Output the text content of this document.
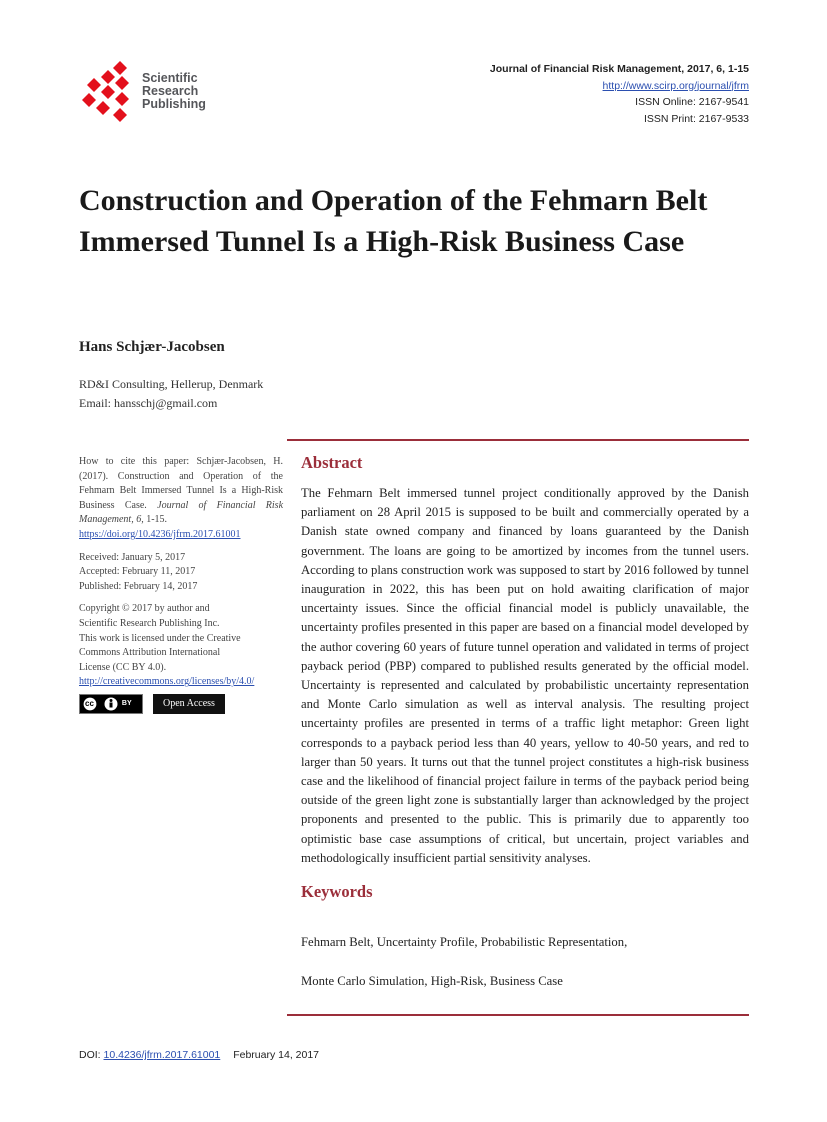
Scientific
Research
Publishing
Journal of Financial Risk Management, 2017, 6, 1-15
http://www.scirp.org/journal/jfrm
ISSN Online: 2167-9541
ISSN Print: 2167-9533
Construction and Operation of the Fehmarn Belt Immersed Tunnel Is a High-Risk Business Case
Hans Schjær-Jacobsen
RD&I Consulting, Hellerup, Denmark
Email: hansschj@gmail.com

How to cite this paper: Schjær-Jacobsen, H. (2017). Construction and Operation of the Fehmarn Belt Immersed Tunnel Is a High-Risk Business Case. Journal of Financial Risk Management, 6, 1-15.
https://doi.org/10.4236/jfrm.2017.61001

Received: January 5, 2017
Accepted: February 11, 2017
Published: February 14, 2017

Copyright © 2017 by author and
Scientific Research Publishing Inc.
This work is licensed under the Creative
Commons Attribution International
License (CC BY 4.0).
http://creativecommons.org/licenses/by/4.0/

cc	BY	Open Access
Abstract

The Fehmarn Belt immersed tunnel project conditionally approved by the Danish parliament on 28 April 2015 is supposed to be built and commercially operated by a Danish state owned company and financed by loans guaranteed by the Danish government. The loans are going to be amortized by incomes from the tunnel users. According to plans construction work was supposed to start by 2016 followed by tunnel inauguration in 2022, this has been put on hold awaiting clarification of major uncertainty issues. Since the official financial model is publicly unavailable, the uncertainty profiles presented in this paper are based on a financial model developed by the author covering 60 years of future tunnel operation and validated in terms of project payback period (PBP) compared to published results generated by the official model. Uncertainty is represented and calculated by probabilistic uncertainty representation and Monte Carlo simulation as well as interval analysis. The resulting project uncertainty profiles are presented in terms of a traffic light metaphor: Green light corresponds to a payback period less than 40 years, yellow to 40-50 years, and red to larger than 50 years. It turns out that the tunnel project constitutes a high-risk business case and the likelihood of financial project failure in terms of the payback period being outside of the green light zone is substantially larger than acknowledged by the project proponents and presented to the public. This is primarily due to apparently too optimistic base case assumptions of critical, but uncertain, project variables and methodologically insufficient partial sensitivity analyses.

Keywords

Fehmarn Belt, Uncertainty Profile, Probabilistic Representation,

Monte Carlo Simulation, High-Risk, Business Case

DOI: 10.4236/jfrm.2017.61001 February 14, 2017
